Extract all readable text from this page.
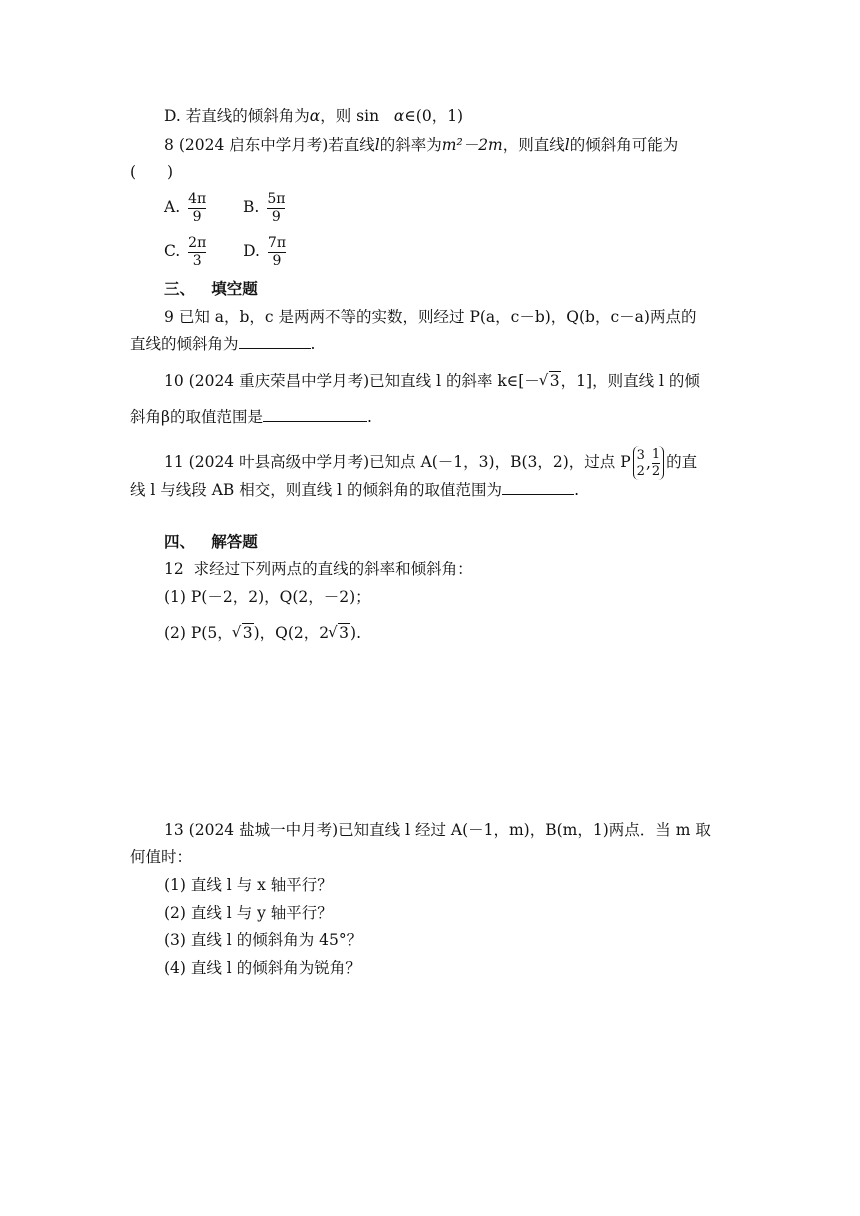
D. 若直线的倾斜角为α，则 sin α∈(0，1)
8 (2024 启东中学月考)若直线l的斜率为m²－2m，则直线l的倾斜角可能为
(　　)
A. $\frac{4\pi}{9} B$. $\frac{5\pi}{9}$
C. $\frac{2\pi}{3} D$. $\frac{7\pi}{9}$
三、 填空题
9 已知 a，b，c 是两两不等的实数，则经过 P(a，c－b)，Q(b，c－a)两点的
直线的倾斜角为	.
10 (2024 重庆荣昌中学月考)已知直线 l 的斜率 k∈[－ √ 3，1]，则直线 l 的倾
斜角β的取值范围是	.
11 (2024 叶县高级中学月考)已知点 A(－1，3)，B(3，2)，过点 P 3
2 , $\frac{1}{2}$ 的直
线 l 与线段 AB 相交，则直线 l 的倾斜角的取值范围为	.
四、 解答题
12 求经过下列两点的直线的斜率和倾斜角：
(1) P(－2，2)，Q(2，－2)；
(2) P(5， √ 3)，Q(2，2 √ 3).
13 (2024 盐城一中月考)已知直线 l 经过 A(－1，m)，B(m，1)两点．当 m 取
何值时：
(1) 直线 l 与 x 轴平行？
(2) 直线 l 与 y 轴平行？
(3) 直线 l 的倾斜角为 45°？
(4) 直线 l 的倾斜角为锐角？
